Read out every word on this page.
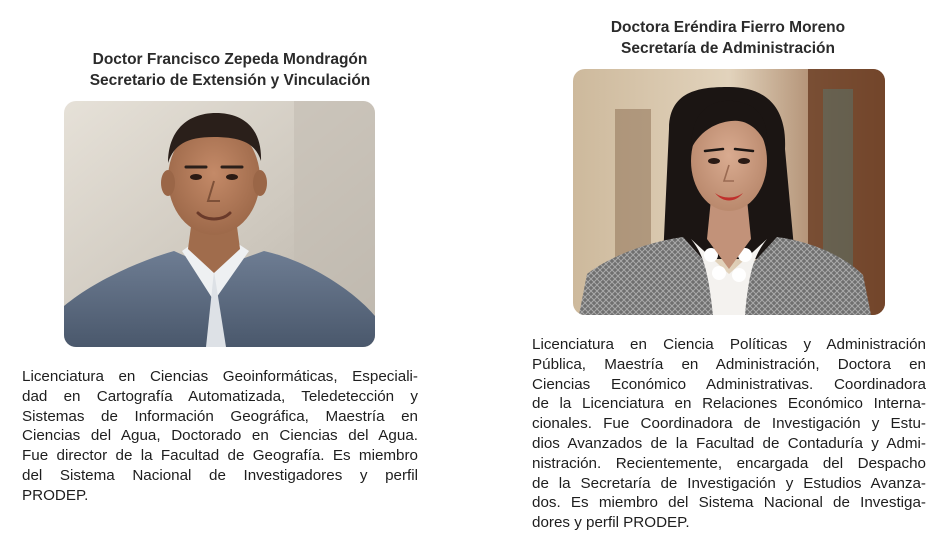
Doctor Francisco Zepeda Mondragón
Secretario de Extensión y Vinculación
Licenciatura en Ciencias Geoinformáticas, Especiali-
dad en Cartografía Automatizada, Teledetección y
Sistemas de Información Geográfica, Maestría en
Ciencias del Agua, Doctorado en Ciencias del Agua.
Fue director de la Facultad de Geografía. Es miembro
del Sistema Nacional de Investigadores y perfil
PRODEP.
Doctora Eréndira Fierro Moreno
Secretaría de Administración
Licenciatura en Ciencia Políticas y Administración
Pública, Maestría en Administración, Doctora en
Ciencias Económico Administrativas. Coordinadora
de la Licenciatura en Relaciones Económico Interna-
cionales. Fue Coordinadora de Investigación y Estu-
dios Avanzados de la Facultad de Contaduría y Admi-
nistración. Recientemente, encargada del Despacho
de la Secretaría de Investigación y Estudios Avanza-
dos. Es miembro del Sistema Nacional de Investiga-
dores y perfil PRODEP.
